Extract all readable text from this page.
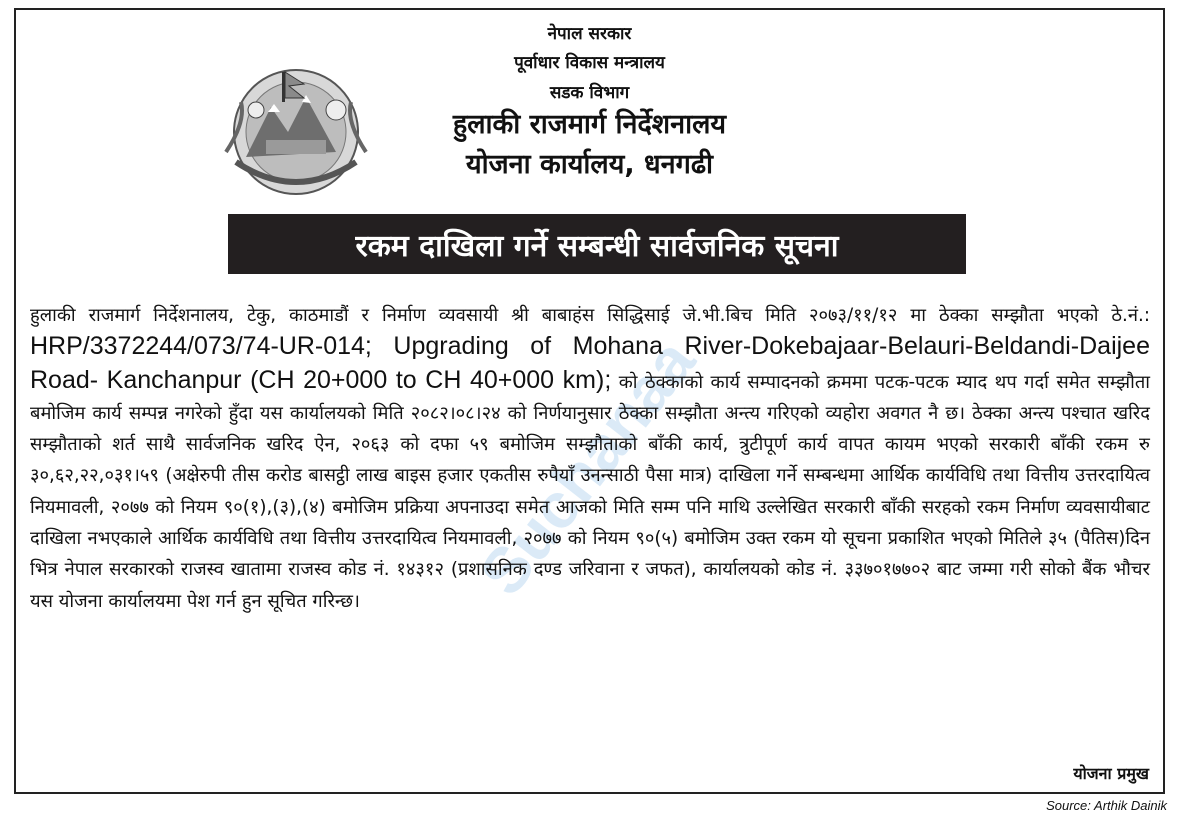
नेपाल सरकार
पूर्वाधार विकास मन्त्रालय
सडक विभाग
हुलाकी राजमार्ग निर्देशनालय
योजना कार्यालय, धनगढी
रकम दाखिला गर्ने सम्बन्धी सार्वजनिक सूचना
Suchanaa
हुलाकी राजमार्ग निर्देशनालय, टेकु, काठमाडौं र निर्माण व्यवसायी श्री बाबाहंस सिद्धिसाई जे.भी.बिच मिति २०७३/११/१२ मा ठेक्का सम्झौता भएको ठे.नं.: HRP/3372244/073/74-UR-014; Upgrading of Mohana River-Dokebajaar-Belauri-Beldandi-Daijee Road- Kanchanpur (CH 20+000 to CH 40+000 km); को ठेक्काको कार्य सम्पादनको क्रममा पटक-पटक म्याद थप गर्दा समेत सम्झौता बमोजिम कार्य सम्पन्न नगरेको हुँदा यस कार्यालयको मिति २०८२।०८।२४ को निर्णयानुसार ठेक्का सम्झौता अन्त्य गरिएको व्यहोरा अवगत नै छ। ठेक्का अन्त्य पश्चात खरिद सम्झौताको शर्त साथै सार्वजनिक खरिद ऐन, २०६३ को दफा ५९ बमोजिम सम्झौताको बाँकी कार्य, त्रुटीपूर्ण कार्य वापत कायम भएको सरकारी बाँकी रकम रु ३०,६२,२२,०३१।५९ (अक्षेरुपी तीस करोड बासट्ठी लाख बाइस हजार एकतीस रुपैयाँ उनन्साठी पैसा मात्र) दाखिला गर्ने सम्बन्धमा आर्थिक कार्यविधि तथा वित्तीय उत्तरदायित्व नियमावली, २०७७ को नियम ९०(१),(३),(४) बमोजिम प्रक्रिया अपनाउदा समेत आजको मिति सम्म पनि माथि उल्लेखित सरकारी बाँकी सरहको रकम निर्माण व्यवसायीबाट दाखिला नभएकाले आर्थिक कार्यविधि तथा वित्तीय उत्तरदायित्व नियमावली, २०७७ को नियम ९०(५) बमोजिम उक्त रकम यो सूचना प्रकाशित भएको मितिले ३५ (पैतिस)दिन भित्र नेपाल सरकारको राजस्व खातामा राजस्व कोड नं. १४३१२ (प्रशासनिक दण्ड जरिवाना र जफत), कार्यालयको कोड नं. ३३७०१७७०२ बाट जम्मा गरी सोको बैंक भौचर यस योजना कार्यालयमा पेश गर्न हुन सूचित गरिन्छ।
योजना प्रमुख
Source: Arthik Dainik
